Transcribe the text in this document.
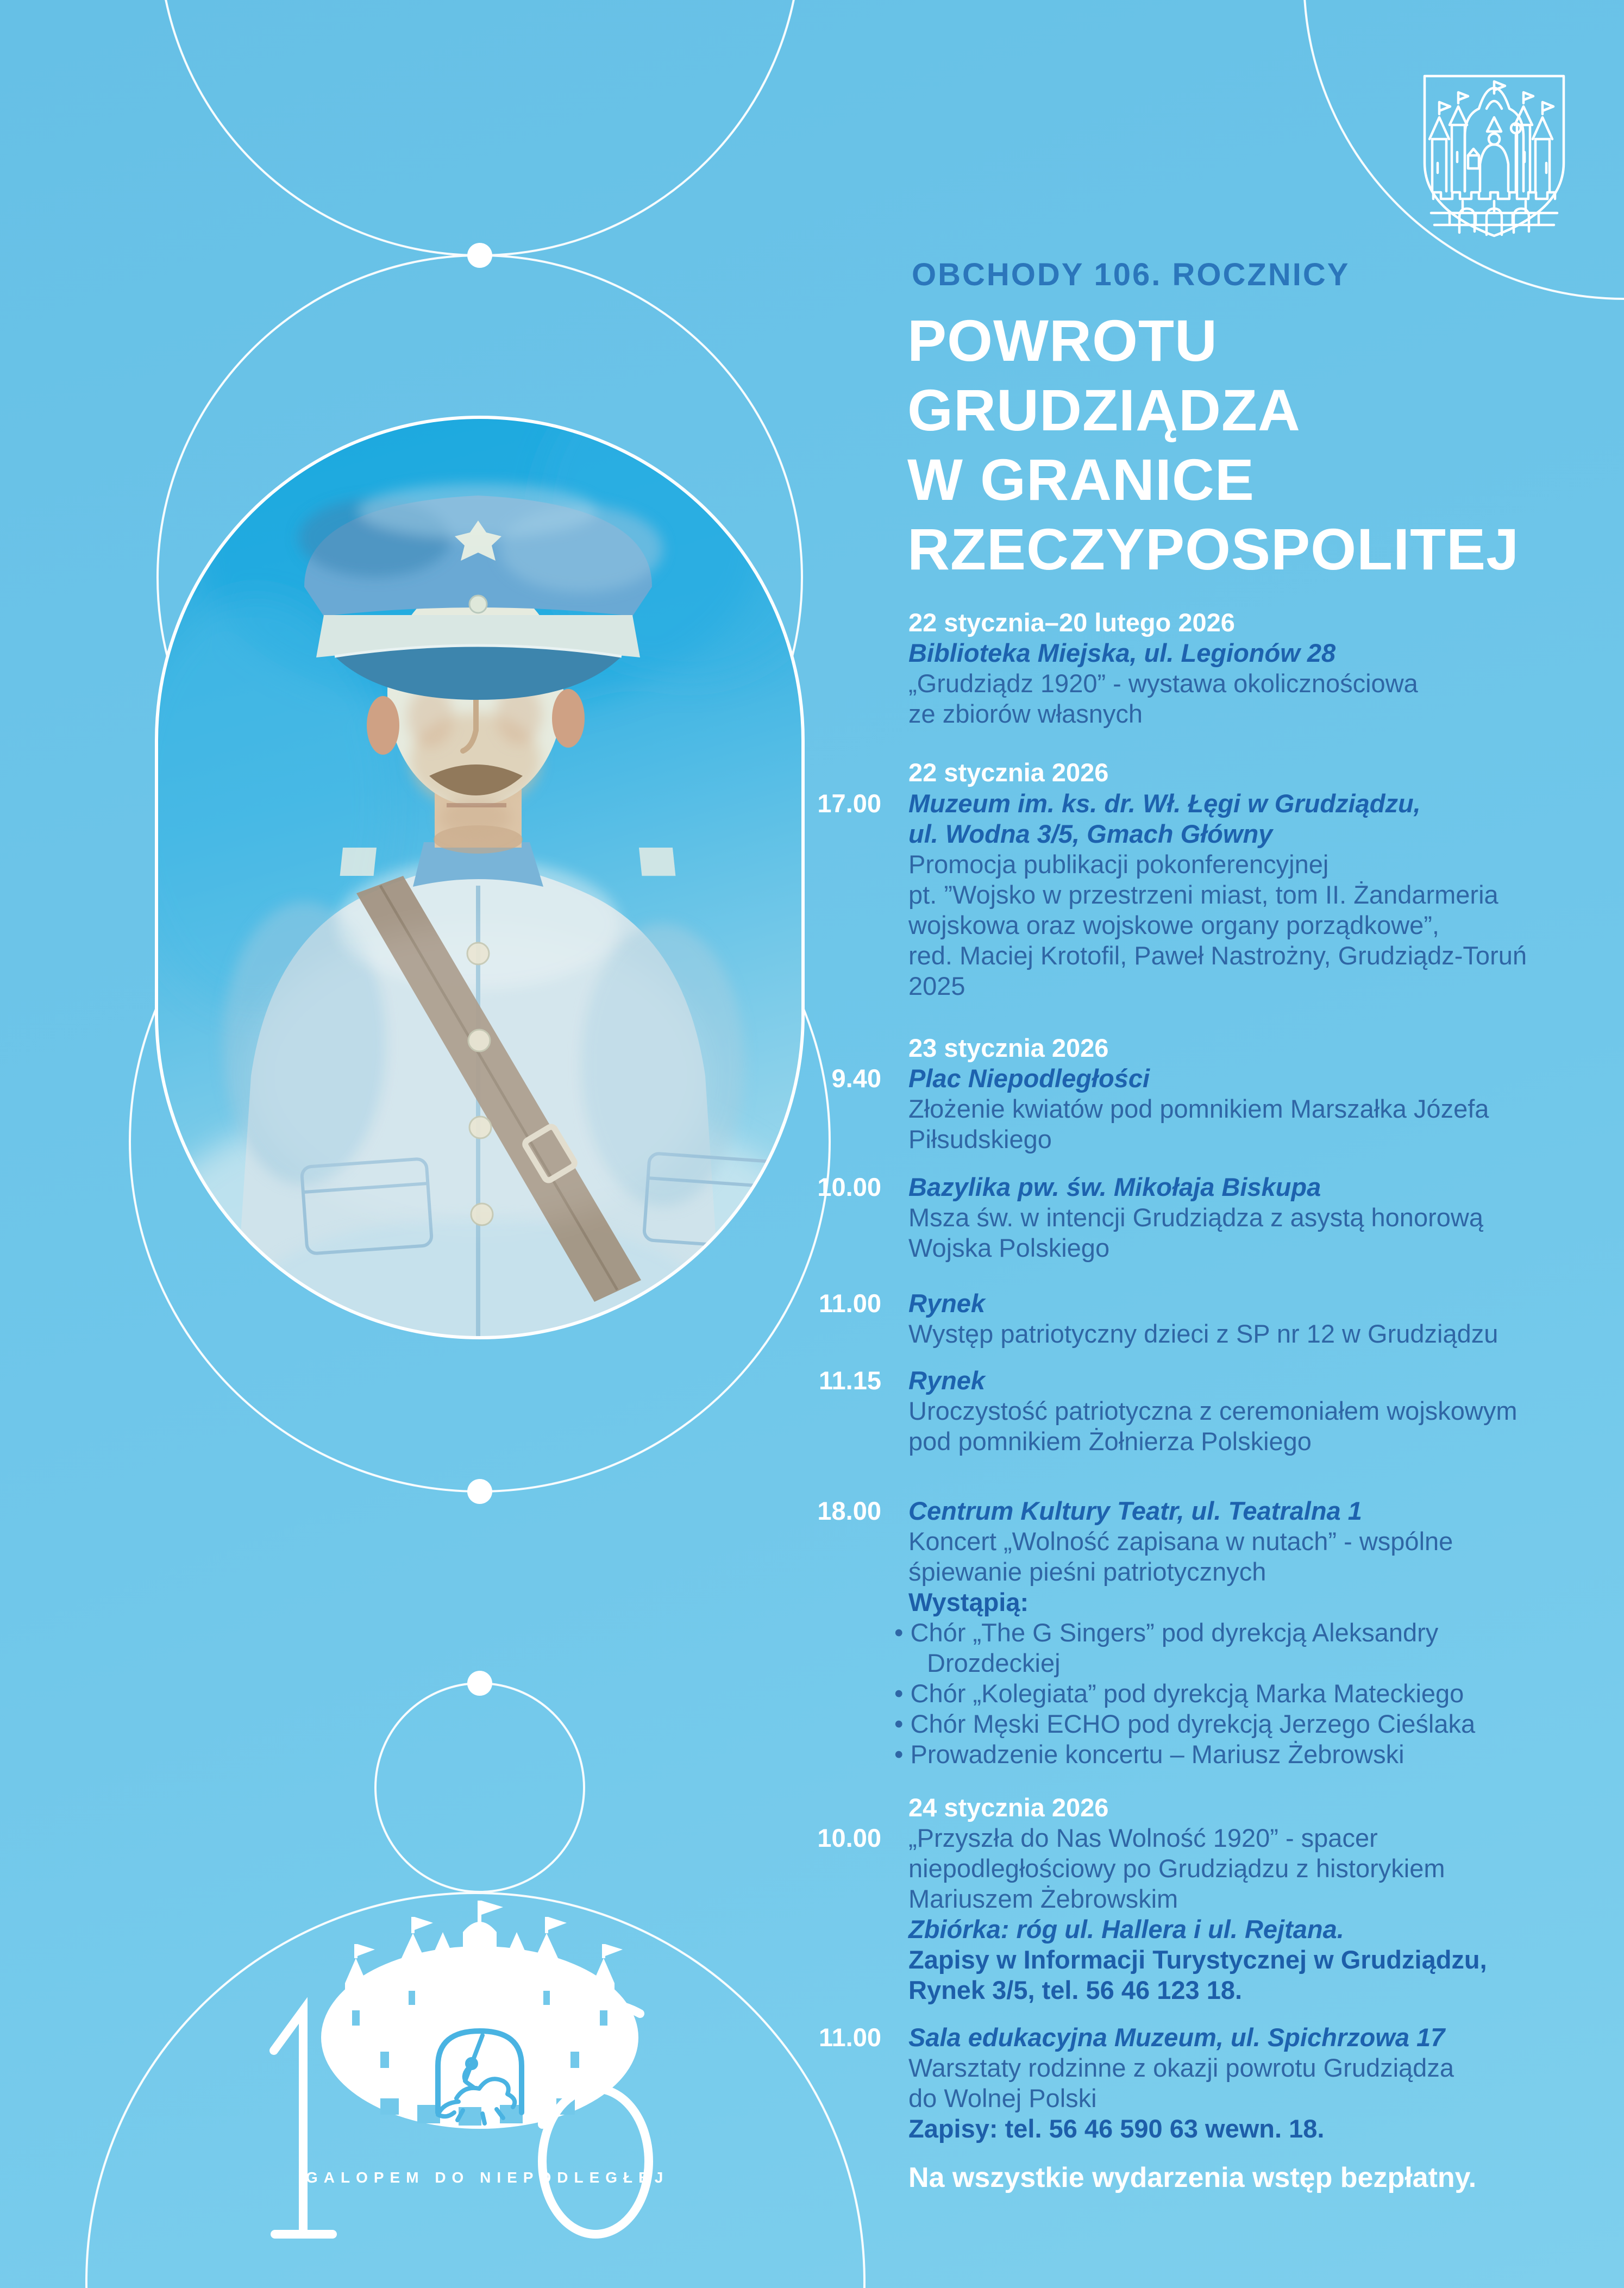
OBCHODY 106. ROCZNICY
POWROTU
GRUDZIĄDZA
W GRANICE
RZECZYPOSPOLITEJ
17.00
9.40
10.00
11.00
11.15
18.00
10.00
11.00
22 stycznia–20 lutego 2026
Biblioteka Miejska, ul. Legionów 28
„Grudziądz 1920” - wystawa okolicznościowa
ze zbiorów własnych
22 stycznia 2026
Muzeum im. ks. dr. Wł. Łęgi w Grudziądzu,
ul. Wodna 3/5, Gmach Główny
Promocja publikacji pokonferencyjnej
pt. ”Wojsko w przestrzeni miast, tom II. Żandarmeria
wojskowa oraz wojskowe organy porządkowe”,
red. Maciej Krotofil, Paweł Nastrożny, Grudziądz-Toruń
2025
23 stycznia 2026
Plac Niepodległości
Złożenie kwiatów pod pomnikiem Marszałka Józefa
Piłsudskiego
Bazylika pw. św. Mikołaja Biskupa
Msza św. w intencji Grudziądza z asystą honorową
Wojska Polskiego
Rynek
Występ patriotyczny dzieci z SP nr 12 w Grudziądzu
Rynek
Uroczystość patriotyczna z ceremoniałem wojskowym
pod pomnikiem Żołnierza Polskiego
Centrum Kultury Teatr, ul. Teatralna 1
Koncert „Wolność zapisana w nutach” - wspólne
śpiewanie pieśni patriotycznych
Wystąpią:
• Chór „The G Singers” pod dyrekcją Aleksandry
Drozdeckiej
• Chór „Kolegiata” pod dyrekcją Marka Mateckiego
• Chór Męski ECHO pod dyrekcją Jerzego Cieślaka
• Prowadzenie koncertu – Mariusz Żebrowski
24 stycznia 2026
„Przyszła do Nas Wolność 1920” - spacer
niepodległościowy po Grudziądzu z historykiem
Mariuszem Żebrowskim
Zbiórka: róg ul. Hallera i ul. Rejtana.
Zapisy w Informacji Turystycznej w Grudziądzu,
Rynek 3/5, tel. 56 46 123 18.
Sala edukacyjna Muzeum, ul. Spichrzowa 17
Warsztaty rodzinne z okazji powrotu Grudziądza
do Wolnej Polski
Zapisy: tel. 56 46 590 63 wewn. 18.
Na wszystkie wydarzenia wstęp bezpłatny.
GALOPEM DO NIEPODLEGŁEJ
